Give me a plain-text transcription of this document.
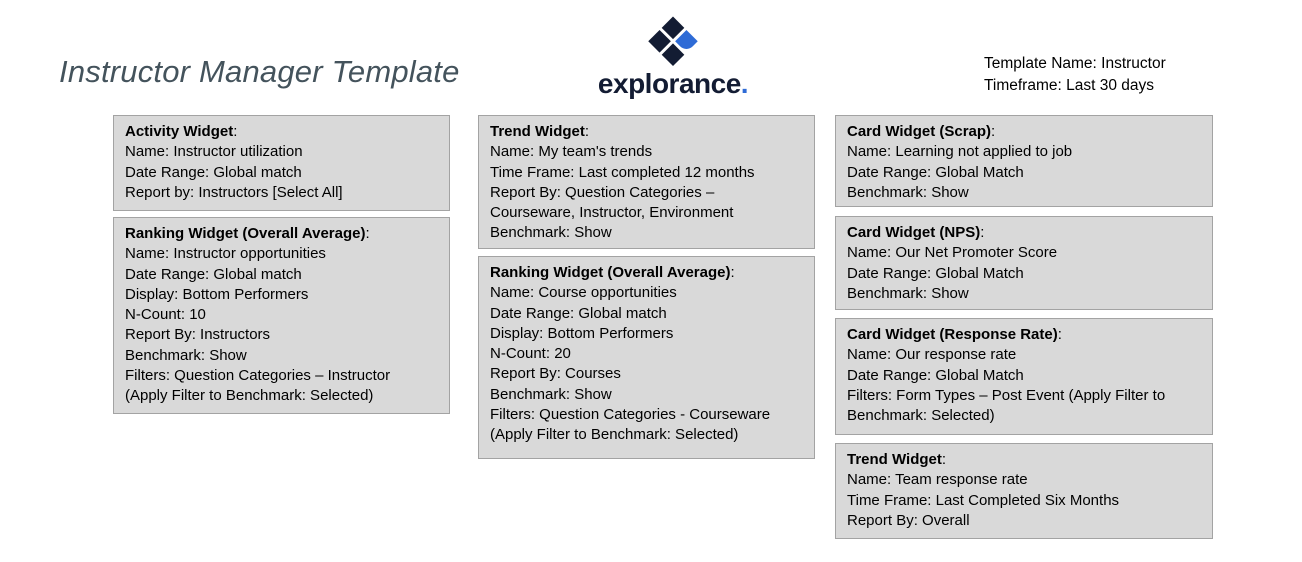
Instructor Manager Template	explorance.
Template Name: Instructor
Timeframe: Last 30 days
Activity Widget:
Name: Instructor utilization
Date Range: Global match
Report by: Instructors [Select All]
Ranking Widget (Overall Average):
Name: Instructor opportunities
Date Range: Global match
Display: Bottom Performers
N-Count: 10
Report By: Instructors
Benchmark: Show
Filters: Question Categories – Instructor
(Apply Filter to Benchmark: Selected)
Trend Widget:
Name: My team's trends
Time Frame: Last completed 12 months
Report By: Question Categories –
Courseware, Instructor, Environment
Benchmark: Show
Ranking Widget (Overall Average):
Name: Course opportunities
Date Range: Global match
Display: Bottom Performers
N-Count: 20
Report By: Courses
Benchmark: Show
Filters: Question Categories - Courseware
(Apply Filter to Benchmark: Selected)
Card Widget (Scrap):
Name: Learning not applied to job
Date Range: Global Match
Benchmark: Show
Card Widget (NPS):
Name: Our Net Promoter Score
Date Range: Global Match
Benchmark: Show
Card Widget (Response Rate):
Name: Our response rate
Date Range: Global Match
Filters: Form Types – Post Event (Apply Filter to
Benchmark: Selected)
Trend Widget:
Name: Team response rate
Time Frame: Last Completed Six Months
Report By: Overall
